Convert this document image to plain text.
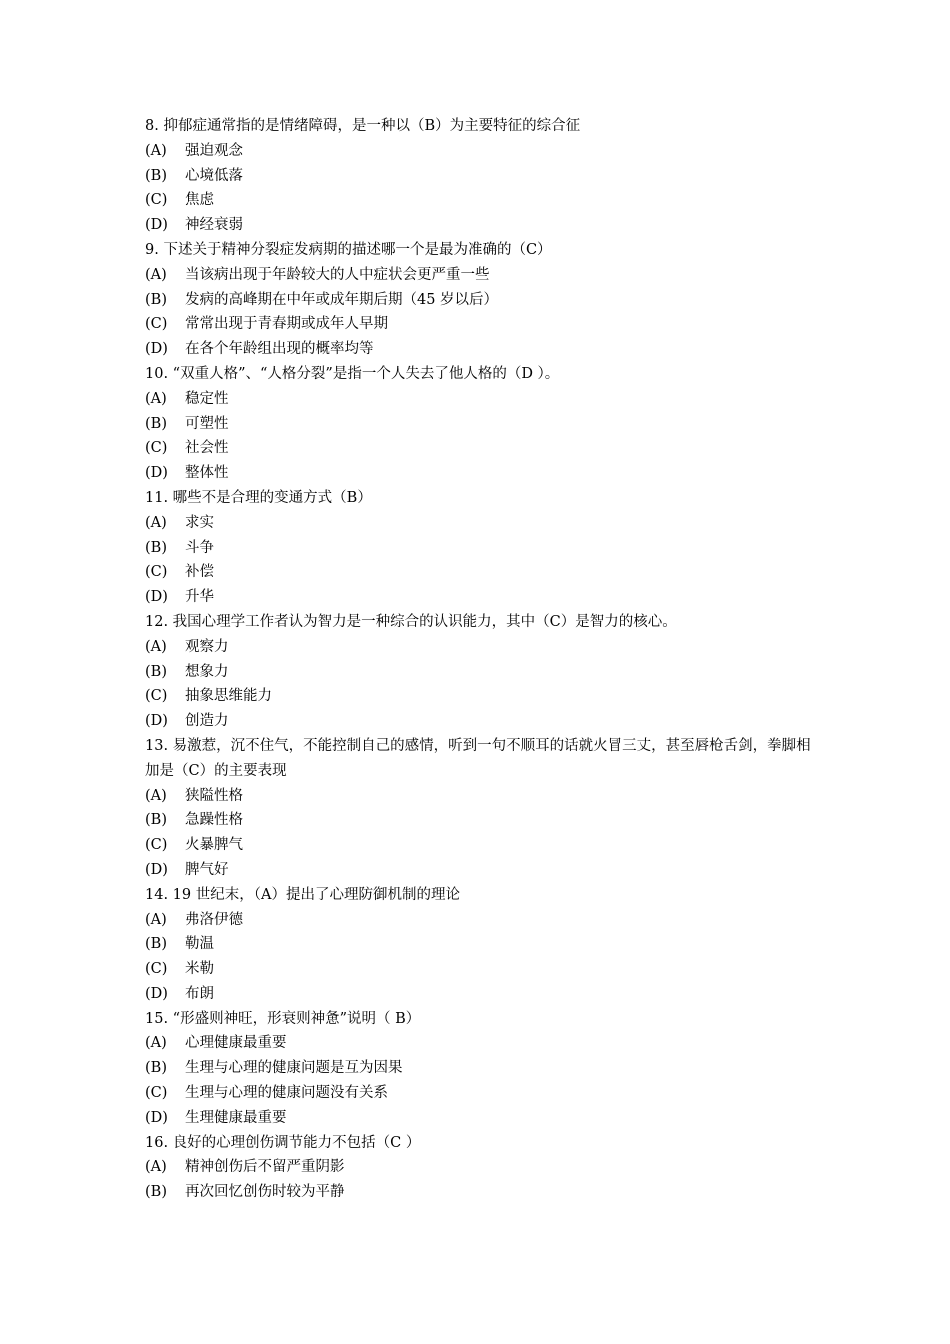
8. 抑郁症通常指的是情绪障碍，是一种以（B）为主要特征的综合征
(A)	强迫观念
(B)	心境低落
(C)	焦虑
(D)	神经衰弱
9. 下述关于精神分裂症发病期的描述哪一个是最为准确的（C）
(A)	当该病出现于年龄较大的人中症状会更严重一些
(B)	发病的高峰期在中年或成年期后期（45 岁以后）
(C)	常常出现于青春期或成年人早期
(D)	在各个年龄组出现的概率均等
10. “双重人格”、“人格分裂”是指一个人失去了他人格的（D ）。
(A)	稳定性
(B)	可塑性
(C)	社会性
(D)	整体性
11. 哪些不是合理的变通方式（B）
(A)	求实
(B)	斗争
(C)	补偿
(D)	升华
12. 我国心理学工作者认为智力是一种综合的认识能力，其中（C）是智力的核心。
(A)	观察力
(B)	想象力
(C)	抽象思维能力
(D)	创造力
13. 易激惹，沉不住气，不能控制自己的感情，听到一句不顺耳的话就火冒三丈，甚至唇枪舌剑，拳脚相加是（C）的主要表现
(A)	狭隘性格
(B)	急躁性格
(C)	火暴脾气
(D)	脾气好
14. 19 世纪末，（A）提出了心理防御机制的理论
(A)	弗洛伊德
(B)	勒温
(C)	米勒
(D)	布朗
15. “形盛则神旺，形衰则神惫”说明（ B）
(A)	心理健康最重要
(B)	生理与心理的健康问题是互为因果
(C)	生理与心理的健康问题没有关系
(D)	生理健康最重要
16. 良好的心理创伤调节能力不包括（C ）
(A)	精神创伤后不留严重阴影
(B)	再次回忆创伤时较为平静
